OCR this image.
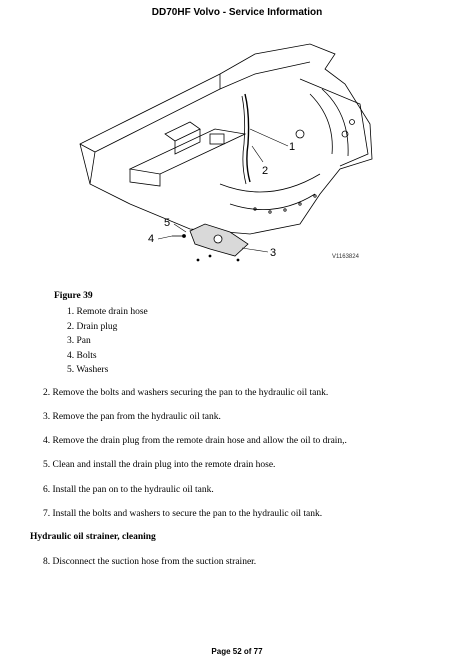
DD70HF Volvo - Service Information
1
2
3
4
5
V1163824
Figure 39
1. Remote drain hose
2. Drain plug
3. Pan
4. Bolts
5. Washers
2. Remove the bolts and washers securing the pan to the hydraulic oil tank.
3. Remove the pan from the hydraulic oil tank.
4. Remove the drain plug from the remote drain hose and allow the oil to drain,.
5. Clean and install the drain plug into the remote drain hose.
6. Install the pan on to the hydraulic oil tank.
7. Install the bolts and washers to secure the pan to the hydraulic oil tank.
Hydraulic oil strainer, cleaning
8. Disconnect the suction hose from the suction strainer.
Page 52 of 77
